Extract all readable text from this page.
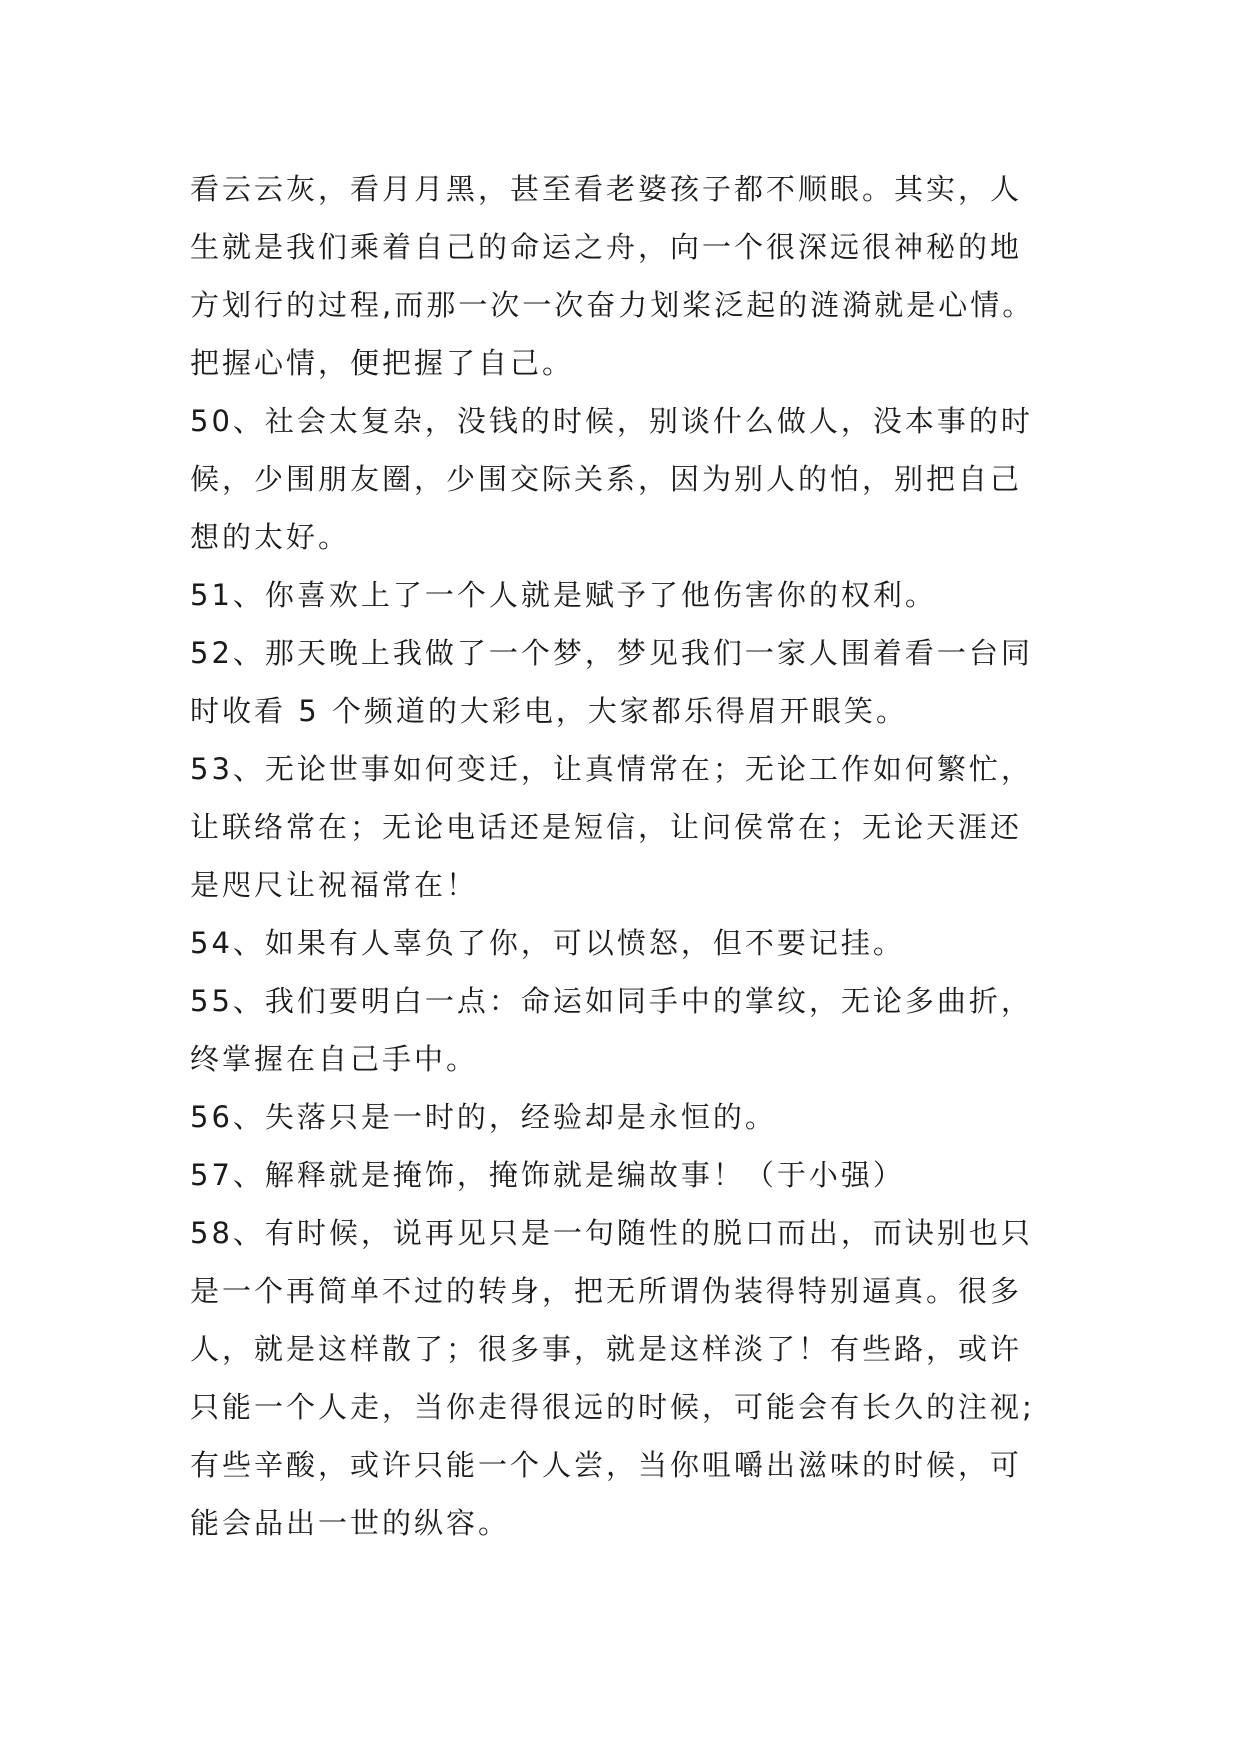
看云云灰，看月月黑，甚至看老婆孩子都不顺眼。其实，人
生就是我们乘着自己的命运之舟，向一个很深远很神秘的地
方划行的过程,而那一次一次奋力划桨泛起的涟漪就是心情。
把握心情，便把握了自己。
50、社会太复杂，没钱的时候，别谈什么做人，没本事的时
候，少围朋友圈，少围交际关系，因为别人的怕，别把自己
想的太好。
51、你喜欢上了一个人就是赋予了他伤害你的权利。
52、那天晚上我做了一个梦，梦见我们一家人围着看一台同
时收看 5 个频道的大彩电，大家都乐得眉开眼笑。
53、无论世事如何变迁，让真情常在；无论工作如何繁忙，
让联络常在；无论电话还是短信，让问侯常在；无论天涯还
是咫尺让祝福常在！
54、如果有人辜负了你，可以愤怒，但不要记挂。
55、我们要明白一点：命运如同手中的掌纹，无论多曲折，
终掌握在自己手中。
56、失落只是一时的，经验却是永恒的。
57、解释就是掩饰，掩饰就是编故事！（于小强）
58、有时候，说再见只是一句随性的脱口而出，而诀别也只
是一个再简单不过的转身，把无所谓伪装得特别逼真。很多
人，就是这样散了；很多事，就是这样淡了！有些路，或许
只能一个人走，当你走得很远的时候，可能会有长久的注视;
有些辛酸，或许只能一个人尝，当你咀嚼出滋味的时候，可
能会品出一世的纵容。
